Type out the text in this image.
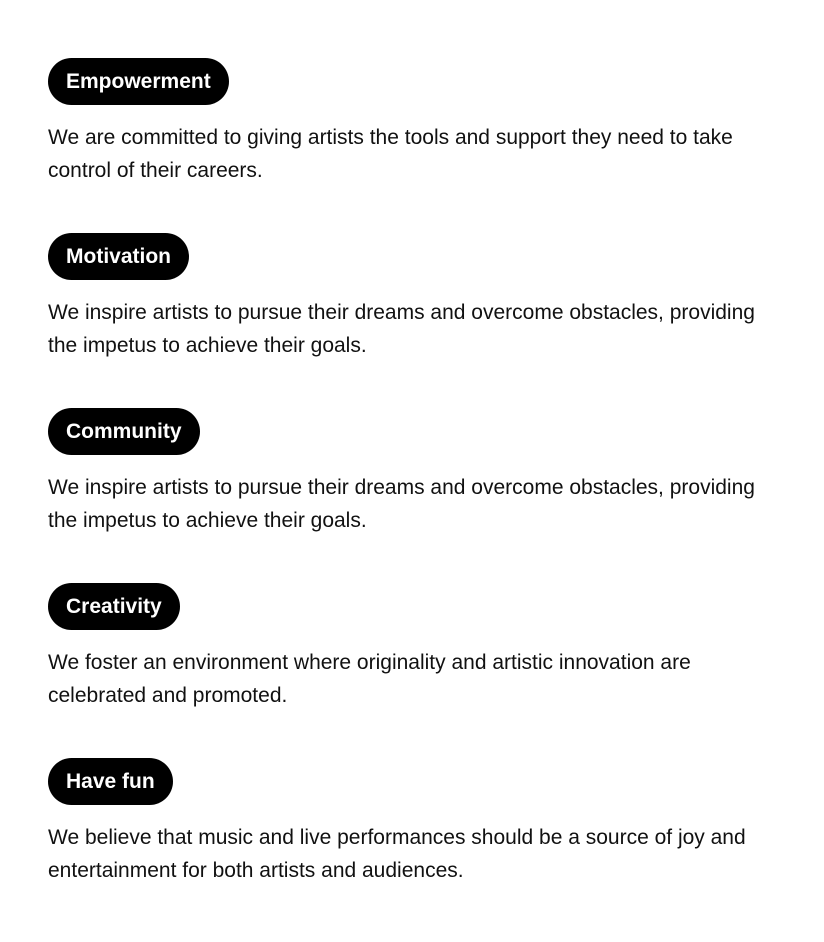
Empowerment

We are committed to giving artists the tools and support they need to take control of their careers.

Motivation

We inspire artists to pursue their dreams and overcome obstacles, providing the impetus to achieve their goals.

Community

We inspire artists to pursue their dreams and overcome obstacles, providing the impetus to achieve their goals.

Creativity

We foster an environment where originality and artistic innovation are celebrated and promoted.

Have fun

We believe that music and live performances should be a source of joy and entertainment for both artists and audiences.
